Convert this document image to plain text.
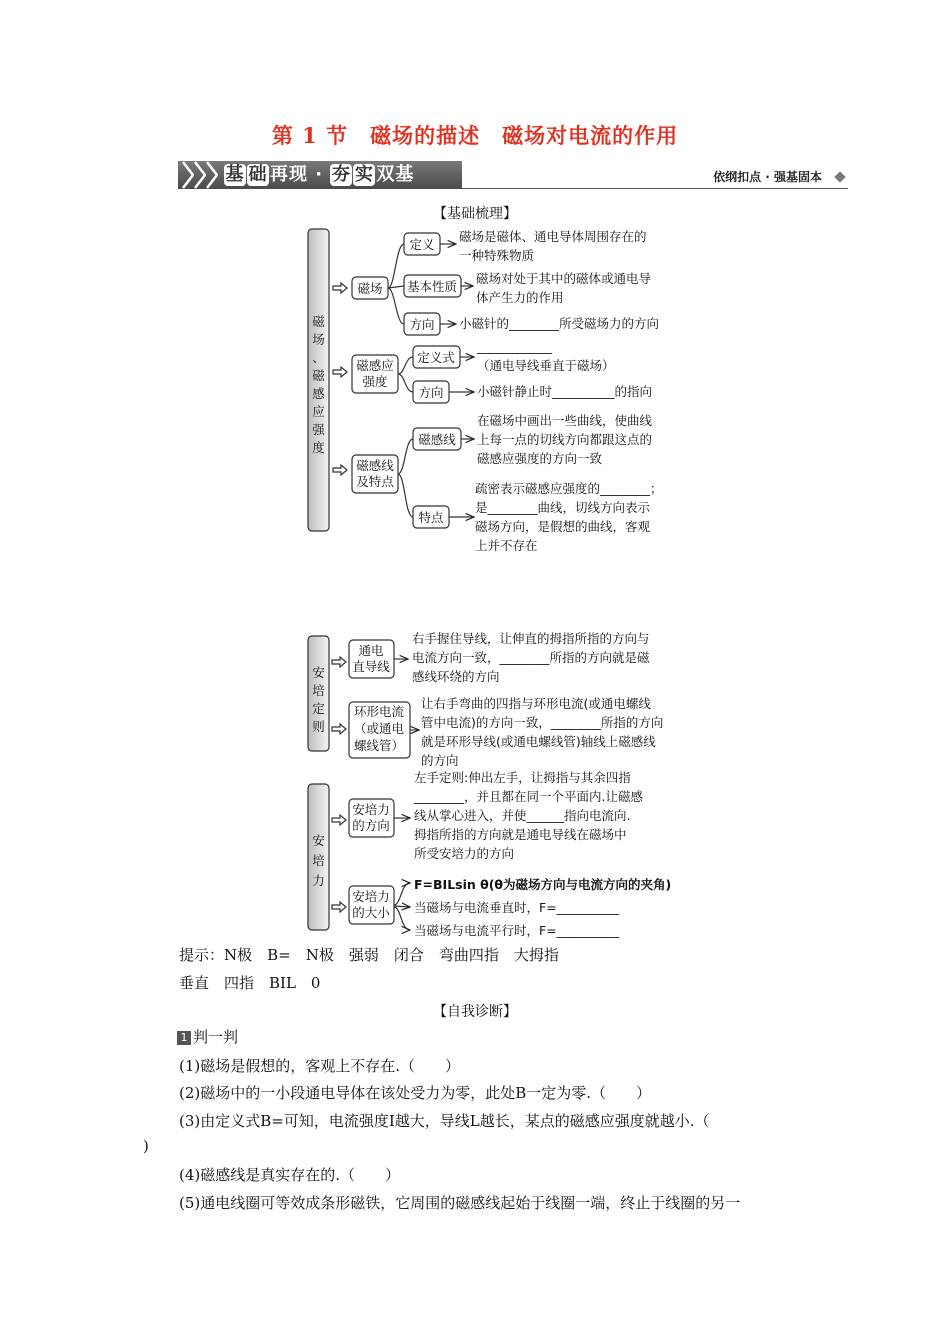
第 1 节　磁场的描述　磁场对电流的作用
基 础 再现 · 夯 实 双基	依纲扣点 · 强基固本
【基础梳理】
磁
场
、
磁
感
应
强
度
安
培
定
则
安
培
力
磁场
定义
基本性质
方向
磁感应
强度
定义式
方向
磁感线
及特点
磁感线
特点
通电
直导线
环形电流
（或通电
螺线管）
安培力
的方向
安培力
的大小
磁场是磁体、通电导体周围存在的
一种特殊物质
磁场对处于其中的磁体或通电导
体产生力的作用
小磁针的________所受磁场力的方向
____________
（通电导线垂直于磁场）
小磁针静止时__________的指向
在磁场中画出一些曲线，使曲线
上每一点的切线方向都跟这点的
磁感应强度的方向一致
疏密表示磁感应强度的________；
是________曲线，切线方向表示
磁场方向，是假想的曲线，客观
上并不存在
右手握住导线，让伸直的拇指所指的方向与
电流方向一致，________所指的方向就是磁
感线环绕的方向
让右手弯曲的四指与环形电流(或通电螺线
管中电流)的方向一致，________所指的方向
就是环形导线(或通电螺线管)轴线上磁感线
的方向
左手定则:伸出左手，让拇指与其余四指
________，并且都在同一个平面内.让磁感
线从掌心进入，并使______指向电流向.
拇指所指的方向就是通电导线在磁场中
所受安培力的方向
F=BILsin θ(θ为磁场方向与电流方向的夹角)
当磁场与电流垂直时，F=__________
当磁场与电流平行时，F=__________
提示：N极　B=　N极　强弱　闭合　弯曲四指　大拇指
垂直　四指　BIL　0
【自我诊断】
1 判一判
(1)磁场是假想的，客观上不存在.（　　）
(2)磁场中的一小段通电导体在该处受力为零，此处B一定为零.（　　）
(3)由定义式B=可知，电流强度I越大，导线L越长，某点的磁感应强度就越小.（
)
(4)磁感线是真实存在的.（　　）
(5)通电线圈可等效成条形磁铁，它周围的磁感线起始于线圈一端，终止于线圈的另一
